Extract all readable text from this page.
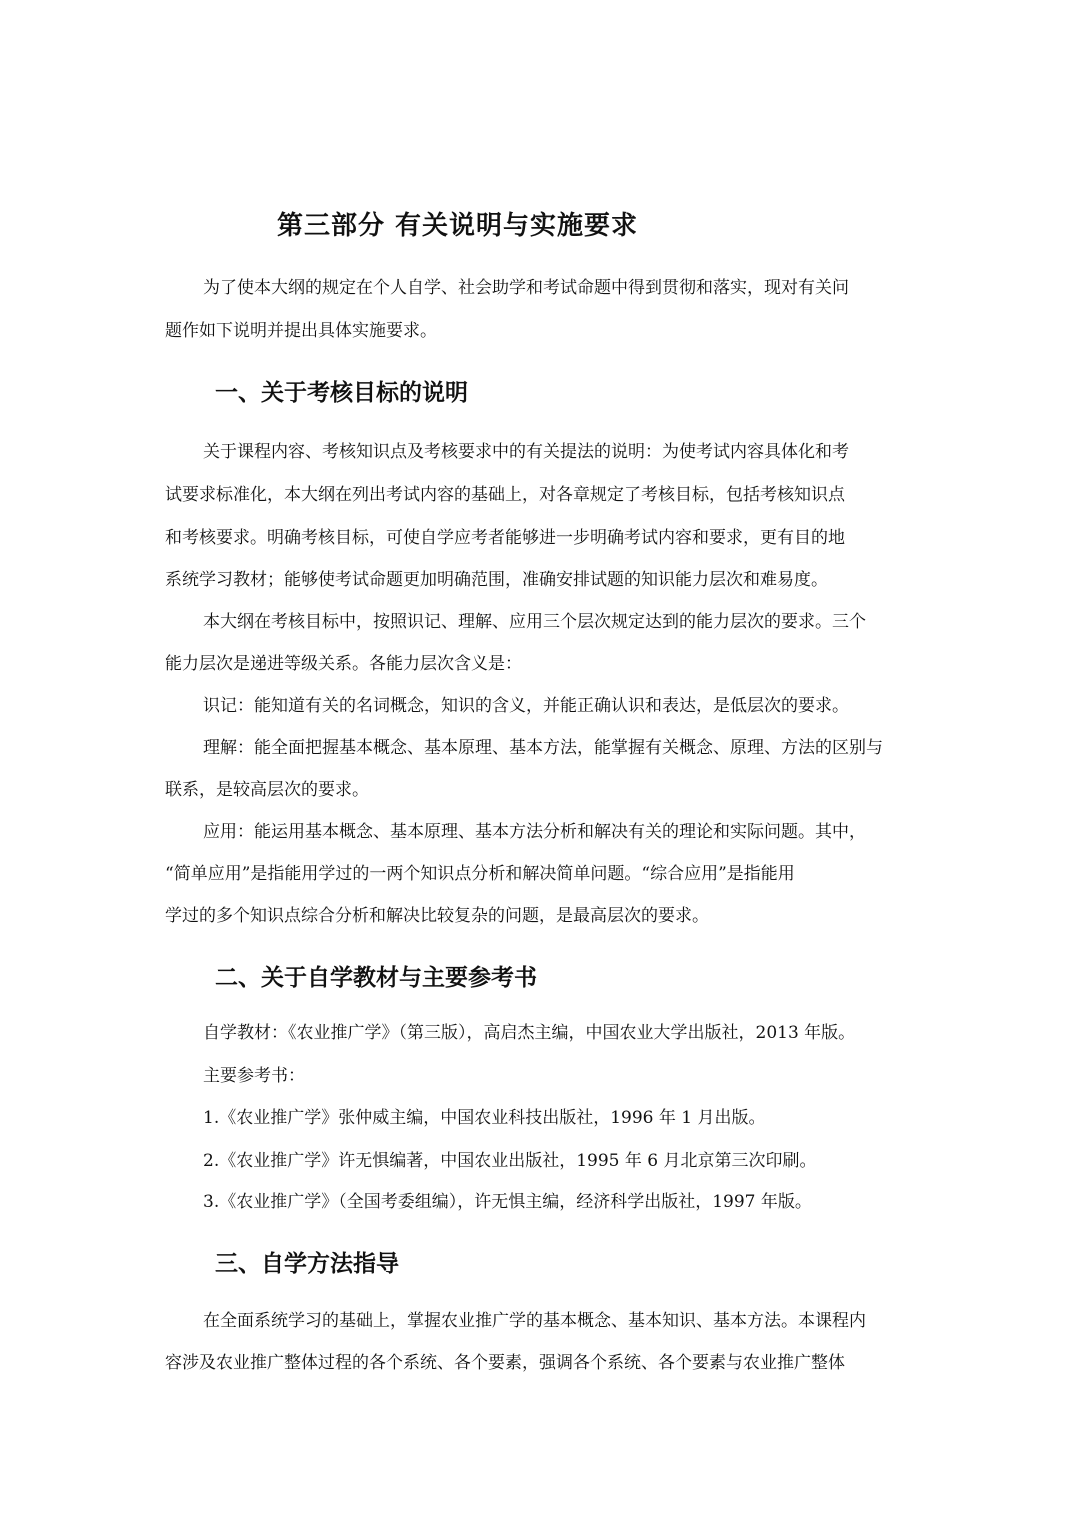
第三部分 有关说明与实施要求
为了使本大纲的规定在个人自学、社会助学和考试命题中得到贯彻和落实，现对有关问
题作如下说明并提出具体实施要求。
一、关于考核目标的说明
关于课程内容、考核知识点及考核要求中的有关提法的说明：为使考试内容具体化和考
试要求标准化，本大纲在列出考试内容的基础上，对各章规定了考核目标，包括考核知识点
和考核要求。明确考核目标，可使自学应考者能够进一步明确考试内容和要求，更有目的地
系统学习教材；能够使考试命题更加明确范围，准确安排试题的知识能力层次和难易度。
本大纲在考核目标中，按照识记、理解、应用三个层次规定达到的能力层次的要求。三个
能力层次是递进等级关系。各能力层次含义是：
识记：能知道有关的名词概念，知识的含义，并能正确认识和表达，是低层次的要求。
理解：能全面把握基本概念、基本原理、基本方法，能掌握有关概念、原理、方法的区别与
联系，是较高层次的要求。
应用：能运用基本概念、基本原理、基本方法分析和解决有关的理论和实际问题。其中，
“简单应用”是指能用学过的一两个知识点分析和解决简单问题。“综合应用”是指能用
学过的多个知识点综合分析和解决比较复杂的问题，是最高层次的要求。
二、关于自学教材与主要参考书
自学教材：《农业推广学》（第三版），高启杰主编，中国农业大学出版社，2013 年版。
主要参考书：
1.《农业推广学》张仲威主编，中国农业科技出版社，1996 年 1 月出版。
2.《农业推广学》许无惧编著，中国农业出版社，1995 年 6 月北京第三次印刷。
3.《农业推广学》（全国考委组编），许无惧主编，经济科学出版社，1997 年版。
三、自学方法指导
在全面系统学习的基础上，掌握农业推广学的基本概念、基本知识、基本方法。本课程内
容涉及农业推广整体过程的各个系统、各个要素，强调各个系统、各个要素与农业推广整体
